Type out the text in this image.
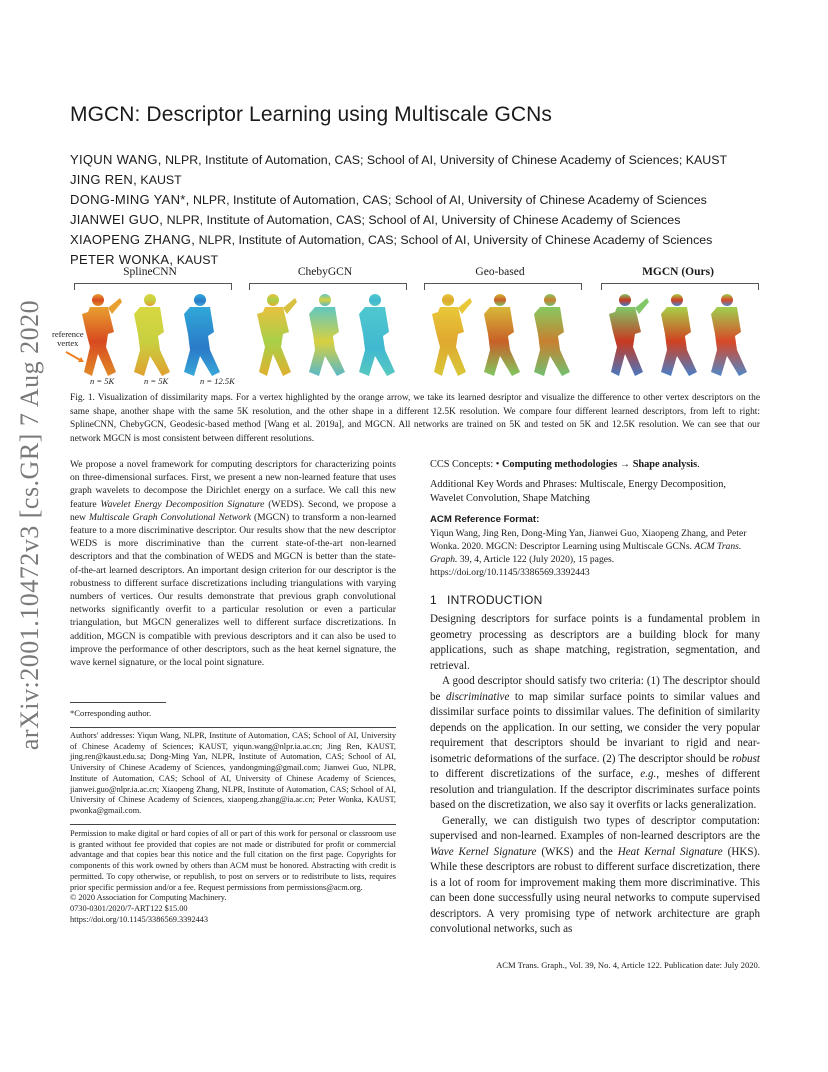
arXiv:2001.10472v3 [cs.GR] 7 Aug 2020
MGCN: Descriptor Learning using Multiscale GCNs
YIQUN WANG, NLPR, Institute of Automation, CAS; School of AI, University of Chinese Academy of Sciences; KAUST
JING REN, KAUST
DONG-MING YAN*, NLPR, Institute of Automation, CAS; School of AI, University of Chinese Academy of Sciences
JIANWEI GUO, NLPR, Institute of Automation, CAS; School of AI, University of Chinese Academy of Sciences
XIAOPENG ZHANG, NLPR, Institute of Automation, CAS; School of AI, University of Chinese Academy of Sciences
PETER WONKA, KAUST
SplineCNN	ChebyGCN	Geo-based	MGCN (Ours)
reference
vertex
n = 5K	n = 5K	n = 12.5K
Fig. 1. Visualization of dissimilarity maps. For a vertex highlighted by the orange arrow, we take its learned desriptor and visualize the difference to other vertex descriptors on the same shape, another shape with the same 5K resolution, and the other shape in a different 12.5K resolution. We compare four different learned descriptors, from left to right: SplineCNN, ChebyGCN, Geodesic-based method [Wang et al. 2019a], and MGCN. All networks are trained on 5K and tested on 5K and 12.5K resolution. We can see that our network MGCN is most consistent between different resolutions.
We propose a novel framework for computing descriptors for characterizing points on three-dimensional surfaces. First, we present a new non-learned feature that uses graph wavelets to decompose the Dirichlet energy on a surface. We call this new feature Wavelet Energy Decomposition Signature (WEDS). Second, we propose a new Multiscale Graph Convolutional Network (MGCN) to transform a non-learned feature to a more discriminative descriptor. Our results show that the new descriptor WEDS is more discriminative than the current state-of-the-art non-learned descriptors and that the combination of WEDS and MGCN is better than the state-of-the-art learned descriptors. An important design criterion for our descriptor is the robustness to different surface discretizations including triangulations with varying numbers of vertices. Our results demonstrate that previous graph convolutional networks significantly overfit to a particular resolution or even a particular triangulation, but MGCN generalizes well to different surface discretizations. In addition, MGCN is compatible with previous descriptors and it can also be used to improve the performance of other descriptors, such as the heat kernel signature, the wave kernel signature, or the local point signature.
*Corresponding author.
Authors' addresses: Yiqun Wang, NLPR, Institute of Automation, CAS; School of AI, University of Chinese Academy of Sciences; KAUST, yiqun.wang@nlpr.ia.ac.cn; Jing Ren, KAUST, jing.ren@kaust.edu.sa; Dong-Ming Yan, NLPR, Institute of Automation, CAS; School of AI, University of Chinese Academy of Sciences, yandongming@gmail.com; Jianwei Guo, NLPR, Institute of Automation, CAS; School of AI, University of Chinese Academy of Sciences, jianwei.guo@nlpr.ia.ac.cn; Xiaopeng Zhang, NLPR, Institute of Automation, CAS; School of AI, University of Chinese Academy of Sciences, xiaopeng.zhang@ia.ac.cn; Peter Wonka, KAUST, pwonka@gmail.com.
Permission to make digital or hard copies of all or part of this work for personal or classroom use is granted without fee provided that copies are not made or distributed for profit or commercial advantage and that copies bear this notice and the full citation on the first page. Copyrights for components of this work owned by others than ACM must be honored. Abstracting with credit is permitted. To copy otherwise, or republish, to post on servers or to redistribute to lists, requires prior specific permission and/or a fee. Request permissions from permissions@acm.org.
© 2020 Association for Computing Machinery.
0730-0301/2020/7-ART122 $15.00
https://doi.org/10.1145/3386569.3392443
CCS Concepts: • Computing methodologies → Shape analysis.
Additional Key Words and Phrases: Multiscale, Energy Decomposition, Wavelet Convolution, Shape Matching
ACM Reference Format:
Yiqun Wang, Jing Ren, Dong-Ming Yan, Jianwei Guo, Xiaopeng Zhang, and Peter Wonka. 2020. MGCN: Descriptor Learning using Multiscale GCNs. ACM Trans. Graph. 39, 4, Article 122 (July 2020), 15 pages. https://doi.org/10.1145/3386569.3392443
1 INTRODUCTION

Designing descriptors for surface points is a fundamental problem in geometry processing as descriptors are a building block for many applications, such as shape matching, registration, segmentation, and retrieval.

A good descriptor should satisfy two criteria: (1) The descriptor should be discriminative to map similar surface points to similar values and dissimilar surface points to dissimilar values. The definition of similarity depends on the application. In our setting, we consider the very popular requirement that descriptors should be invariant to rigid and near-isometric deformations of the surface. (2) The descriptor should be robust to different discretizations of the surface, e.g., meshes of different resolution and triangulation. If the descriptor discriminates surface points based on the discretization, we also say it overfits or lacks generalization.

Generally, we can distiguish two types of descriptor computation: supervised and non-learned. Examples of non-learned descriptors are the Wave Kernel Signature (WKS) and the Heat Kernal Signature (HKS). While these descriptors are robust to different surface discretization, there is a lot of room for improvement making them more discriminative. This can been done successfully using neural networks to compute supervised descriptors. A very promising type of network architecture are graph convolutional networks, such as

ACM Trans. Graph., Vol. 39, No. 4, Article 122. Publication date: July 2020.
